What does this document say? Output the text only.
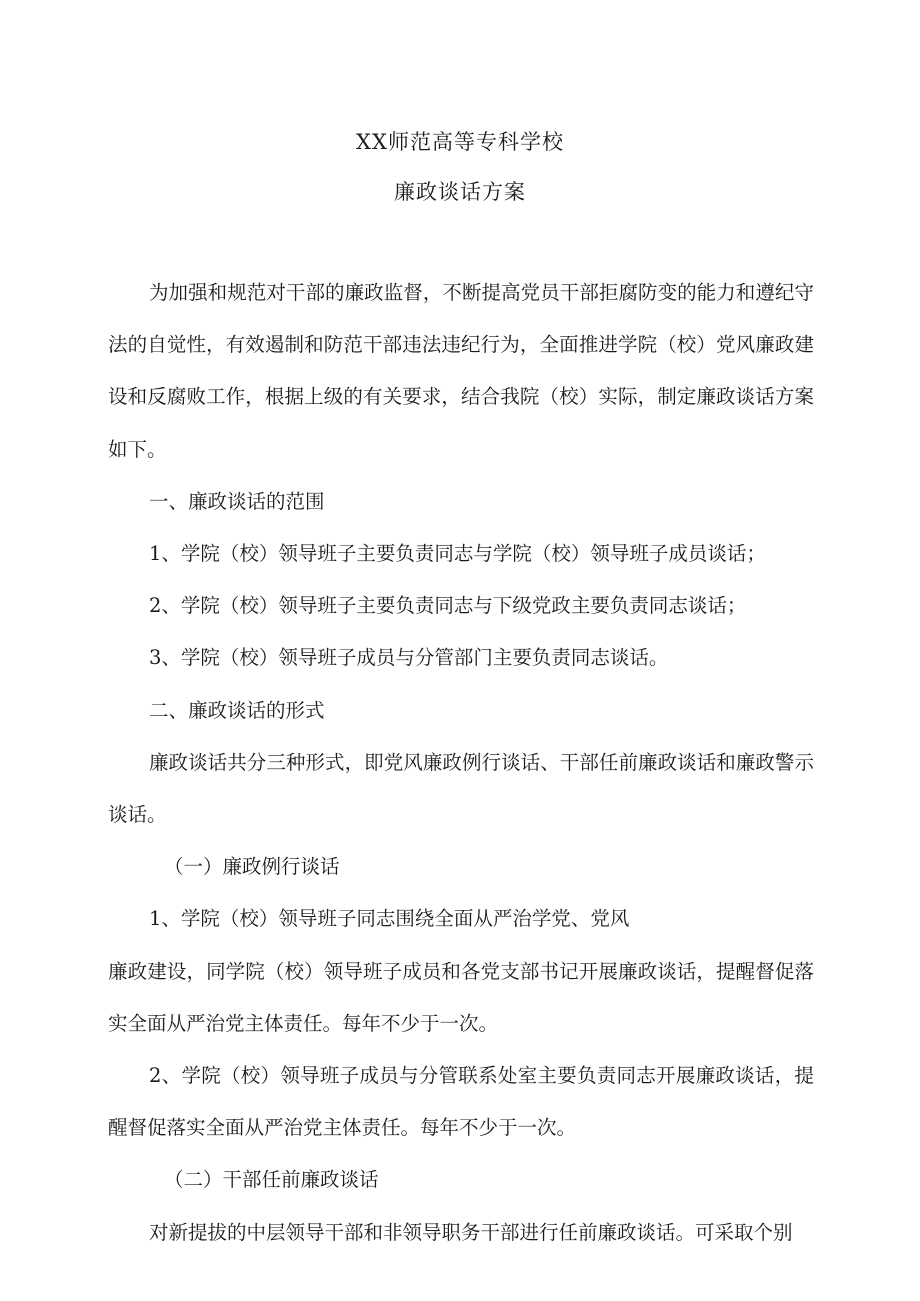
XX师范高等专科学校
廉政谈话方案

为加强和规范对干部的廉政监督，不断提高党员干部拒腐防变的能力和遵纪守法的自觉性，有效遏制和防范干部违法违纪行为，全面推进学院（校）党风廉政建设和反腐败工作，根据上级的有关要求，结合我院（校）实际，制定廉政谈话方案如下。

一、廉政谈话的范围

1、学院（校）领导班子主要负责同志与学院（校）领导班子成员谈话；

2、学院（校）领导班子主要负责同志与下级党政主要负责同志谈话；

3、学院（校）领导班子成员与分管部门主要负责同志谈话。

二、廉政谈话的形式

廉政谈话共分三种形式，即党风廉政例行谈话、干部任前廉政谈话和廉政警示谈话。

（一）廉政例行谈话

1、学院（校）领导班子同志围绕全面从严治学党、党风

廉政建设，同学院（校）领导班子成员和各党支部书记开展廉政谈话，提醒督促落实全面从严治党主体责任。每年不少于一次。

2、学院（校）领导班子成员与分管联系处室主要负责同志开展廉政谈话，提醒督促落实全面从严治党主体责任。每年不少于一次。

（二）干部任前廉政谈话

对新提拔的中层领导干部和非领导职务干部进行任前廉政谈话。可采取个别
